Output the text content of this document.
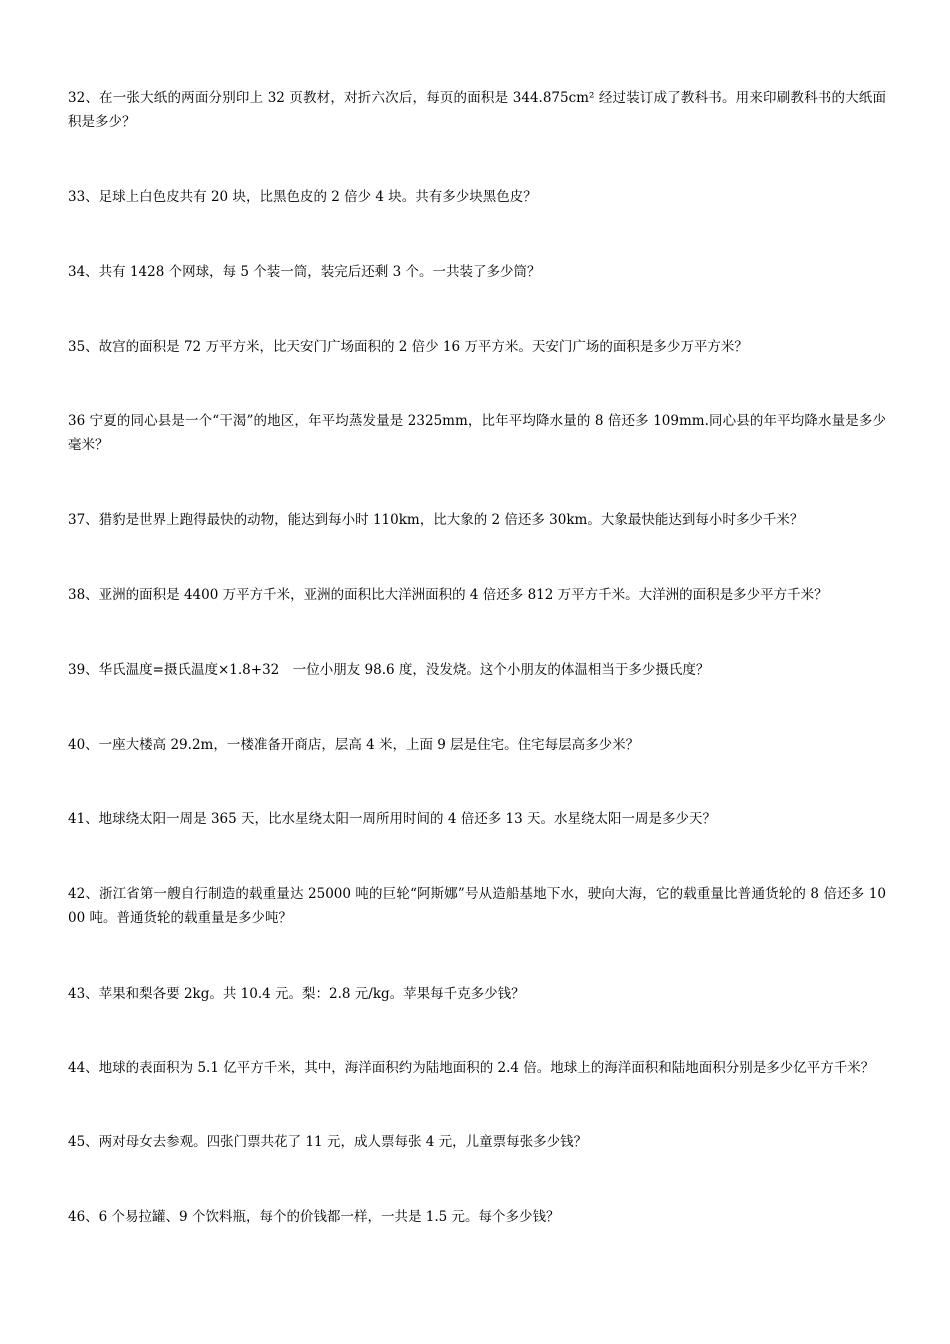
32、在一张大纸的两面分别印上 32 页教材，对折六次后，每页的面积是 344.875cm² 经过装订成了教科书。用来印刷教科书的大纸面积是多少？

33、足球上白色皮共有 20 块，比黑色皮的 2 倍少 4 块。共有多少块黑色皮？

34、共有 1428 个网球，每 5 个装一筒，装完后还剩 3 个。一共装了多少筒？

35、故宫的面积是 72 万平方米，比天安门广场面积的 2 倍少 16 万平方米。天安门广场的面积是多少万平方米？

36 宁夏的同心县是一个“干渴”的地区，年平均蒸发量是 2325mm，比年平均降水量的 8 倍还多 109mm.同心县的年平均降水量是多少毫米？

37、猎豹是世界上跑得最快的动物，能达到每小时 110km，比大象的 2 倍还多 30km。大象最快能达到每小时多少千米？

38、亚洲的面积是 4400 万平方千米，亚洲的面积比大洋洲面积的 4 倍还多 812 万平方千米。大洋洲的面积是多少平方千米？

39、华氏温度=摄氏温度×1.8+32　一位小朋友 98.6 度，没发烧。这个小朋友的体温相当于多少摄氏度？

40、一座大楼高 29.2m，一楼准备开商店，层高 4 米，上面 9 层是住宅。住宅每层高多少米？

41、地球绕太阳一周是 365 天，比水星绕太阳一周所用时间的 4 倍还多 13 天。水星绕太阳一周是多少天？

42、浙江省第一艘自行制造的载重量达 25000 吨的巨轮“阿斯娜”号从造船基地下水，驶向大海，它的载重量比普通货轮的 8 倍还多 1000 吨。普通货轮的载重量是多少吨？

43、苹果和梨各要 2kg。共 10.4 元。梨：2.8 元/kg。苹果每千克多少钱？

44、地球的表面积为 5.1 亿平方千米，其中，海洋面积约为陆地面积的 2.4 倍。地球上的海洋面积和陆地面积分别是多少亿平方千米？

45、两对母女去参观。四张门票共花了 11 元，成人票每张 4 元，儿童票每张多少钱？

46、6 个易拉罐、9 个饮料瓶，每个的价钱都一样，一共是 1.5 元。每个多少钱？
